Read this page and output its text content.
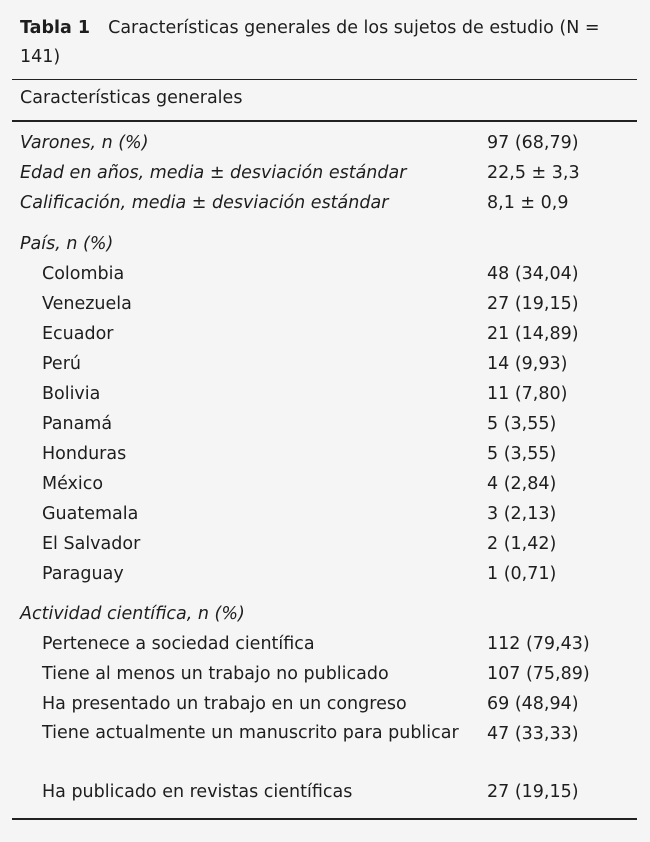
Tabla 1 Características generales de los sujetos de estudio (N = 141)
Características generales
Varones, n (%)	97 (68,79)
Edad en años, media ± desviación estándar	22,5 ± 3,3
Calificación, media ± desviación estándar	8,1 ± 0,9
País, n (%)
Colombia	48 (34,04)
Venezuela	27 (19,15)
Ecuador	21 (14,89)
Perú	14 (9,93)
Bolivia	11 (7,80)
Panamá	5 (3,55)
Honduras	5 (3,55)
México	4 (2,84)
Guatemala	3 (2,13)
El Salvador	2 (1,42)
Paraguay	1 (0,71)
Actividad científica, n (%)
Pertenece a sociedad científica	112 (79,43)
Tiene al menos un trabajo no publicado	107 (75,89)
Ha presentado un trabajo en un congreso	69 (48,94)
Tiene actualmente un manuscrito para publicar	47 (33,33)
Ha publicado en revistas científicas	27 (19,15)
